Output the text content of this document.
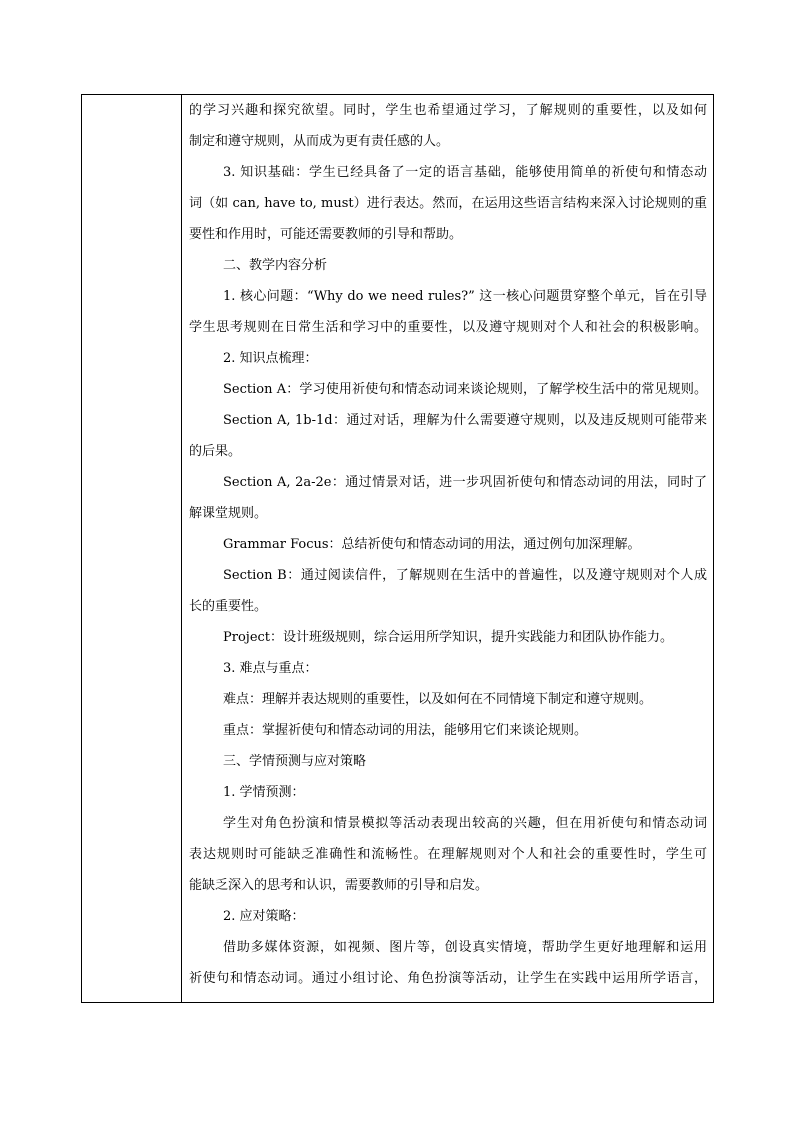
的学习兴趣和探究欲望。同时，学生也希望通过学习，了解规则的重要性，以及如何
制定和遵守规则，从而成为更有责任感的人。
3. 知识基础：学生已经具备了一定的语言基础，能够使用简单的祈使句和情态动
词（如 can, have to, must）进行表达。然而，在运用这些语言结构来深入讨论规则的重
要性和作用时，可能还需要教师的引导和帮助。
二、教学内容分析
1. 核心问题：“Why do we need rules?” 这一核心问题贯穿整个单元，旨在引导
学生思考规则在日常生活和学习中的重要性，以及遵守规则对个人和社会的积极影响。
2. 知识点梳理：
Section A：学习使用祈使句和情态动词来谈论规则，了解学校生活中的常见规则。
Section A, 1b-1d：通过对话，理解为什么需要遵守规则，以及违反规则可能带来
的后果。
Section A, 2a-2e：通过情景对话，进一步巩固祈使句和情态动词的用法，同时了
解课堂规则。
Grammar Focus：总结祈使句和情态动词的用法，通过例句加深理解。
Section B：通过阅读信件，了解规则在生活中的普遍性，以及遵守规则对个人成
长的重要性。
Project：设计班级规则，综合运用所学知识，提升实践能力和团队协作能力。
3. 难点与重点：
难点：理解并表达规则的重要性，以及如何在不同情境下制定和遵守规则。
重点：掌握祈使句和情态动词的用法，能够用它们来谈论规则。
三、学情预测与应对策略
1. 学情预测：
学生对角色扮演和情景模拟等活动表现出较高的兴趣，但在用祈使句和情态动词
表达规则时可能缺乏准确性和流畅性。在理解规则对个人和社会的重要性时，学生可
能缺乏深入的思考和认识，需要教师的引导和启发。
2. 应对策略：
借助多媒体资源，如视频、图片等，创设真实情境，帮助学生更好地理解和运用
祈使句和情态动词。通过小组讨论、角色扮演等活动，让学生在实践中运用所学语言，
